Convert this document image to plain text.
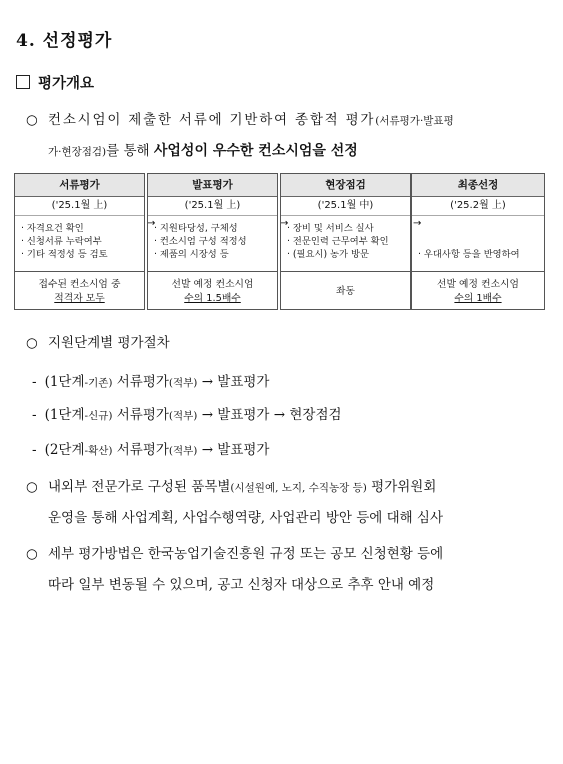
4. 선정평가
평가개요
○ 컨소시엄이 제출한 서류에 기반하여 종합적 평가(서류평가·발표평
가·현장점검)를 통해 사업성이 우수한 컨소시엄을 선정
서류평가
('25.1월 上)
· 자격요건 확인
· 신청서류 누락여부
· 기타 적정성 등 검토
접수된 컨소시엄 중
적격자 모두
→
발표평가
('25.1월 上)
· 지원타당성, 구체성
· 컨소시엄 구성 적정성
· 제품의 시장성 등
선발 예정 컨소시엄
수의 1.5배수
→
현장점검
('25.1월 中)
· 장비 및 서비스 실사
· 전문인력 근무여부 확인
· (필요시) 농가 방문
좌동
→
최종선정
('25.2월 上)

· 우대사항 등을 반영하여

선발 예정 컨소시엄
수의 1배수
○ 지원단계별 평가절차
- (1단계-기존) 서류평가(적부) → 발표평가
- (1단계-신규) 서류평가(적부) → 발표평가 → 현장점검
- (2단계-확산) 서류평가(적부) → 발표평가
○ 내외부 전문가로 구성된 품목별(시설원예, 노지, 수직농장 등) 평가위원회
운영을 통해 사업계획, 사업수행역량, 사업관리 방안 등에 대해 심사
○ 세부 평가방법은 한국농업기술진흥원 규정 또는 공모 신청현황 등에
따라 일부 변동될 수 있으며, 공고 신청자 대상으로 추후 안내 예정
